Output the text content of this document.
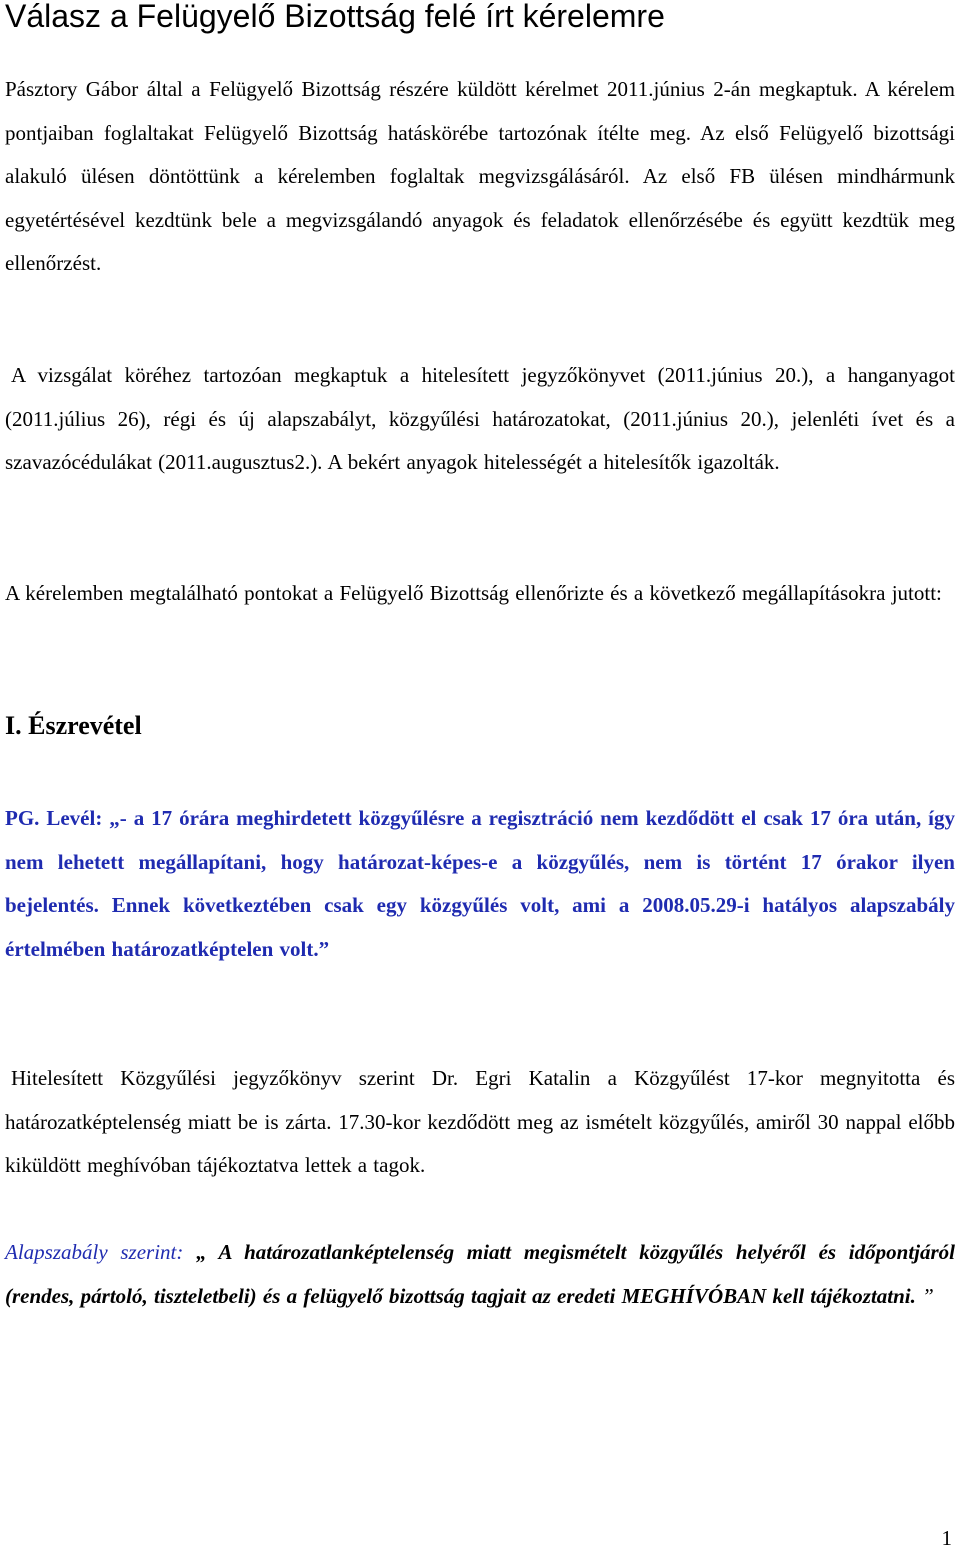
Válasz a Felügyelő Bizottság felé írt kérelemre

Pásztory Gábor által a Felügyelő Bizottság részére küldött kérelmet 2011.június 2-án megkaptuk. A kérelem pontjaiban foglaltakat Felügyelő Bizottság hatáskörébe tartozónak ítélte meg. Az első Felügyelő bizottsági alakuló ülésen döntöttünk a kérelemben foglaltak megvizsgálásáról. Az első FB ülésen mindhármunk egyetértésével kezdtünk bele a megvizsgálandó anyagok és feladatok ellenőrzésébe és együtt kezdtük meg ellenőrzést.

A vizsgálat köréhez tartozóan megkaptuk a hitelesített jegyzőkönyvet (2011.június 20.), a hanganyagot (2011.július 26), régi és új alapszabályt, közgyűlési határozatokat, (2011.június 20.), jelenléti ívet és a szavazócédulákat (2011.augusztus2.). A bekért anyagok hitelességét a hitelesítők igazolták.

A kérelemben megtalálható pontokat a Felügyelő Bizottság ellenőrizte és a következő megállapításokra jutott:

I. Észrevétel

PG. Levél: „- a 17 órára meghirdetett közgyűlésre a regisztráció nem kezdődött el csak 17 óra után, így nem lehetett megállapítani, hogy határozat-képes-e a közgyűlés, nem is történt 17 órakor ilyen bejelentés. Ennek következtében csak egy közgyűlés volt, ami a 2008.05.29-i hatályos alapszabály értelmében határozatképtelen volt.”

Hitelesített Közgyűlési jegyzőkönyv szerint Dr. Egri Katalin a Közgyűlést 17-kor megnyitotta és határozatképtelenség miatt be is zárta. 17.30-kor kezdődött meg az ismételt közgyűlés, amiről 30 nappal előbb kiküldött meghívóban tájékoztatva lettek a tagok.

Alapszabály szerint: „ A határozatlanképtelenség miatt megismételt közgyűlés helyéről és időpontjáról (rendes, pártoló, tiszteletbeli) és a felügyelő bizottság tagjait az eredeti MEGHÍVÓBAN kell tájékoztatni. ”

1
